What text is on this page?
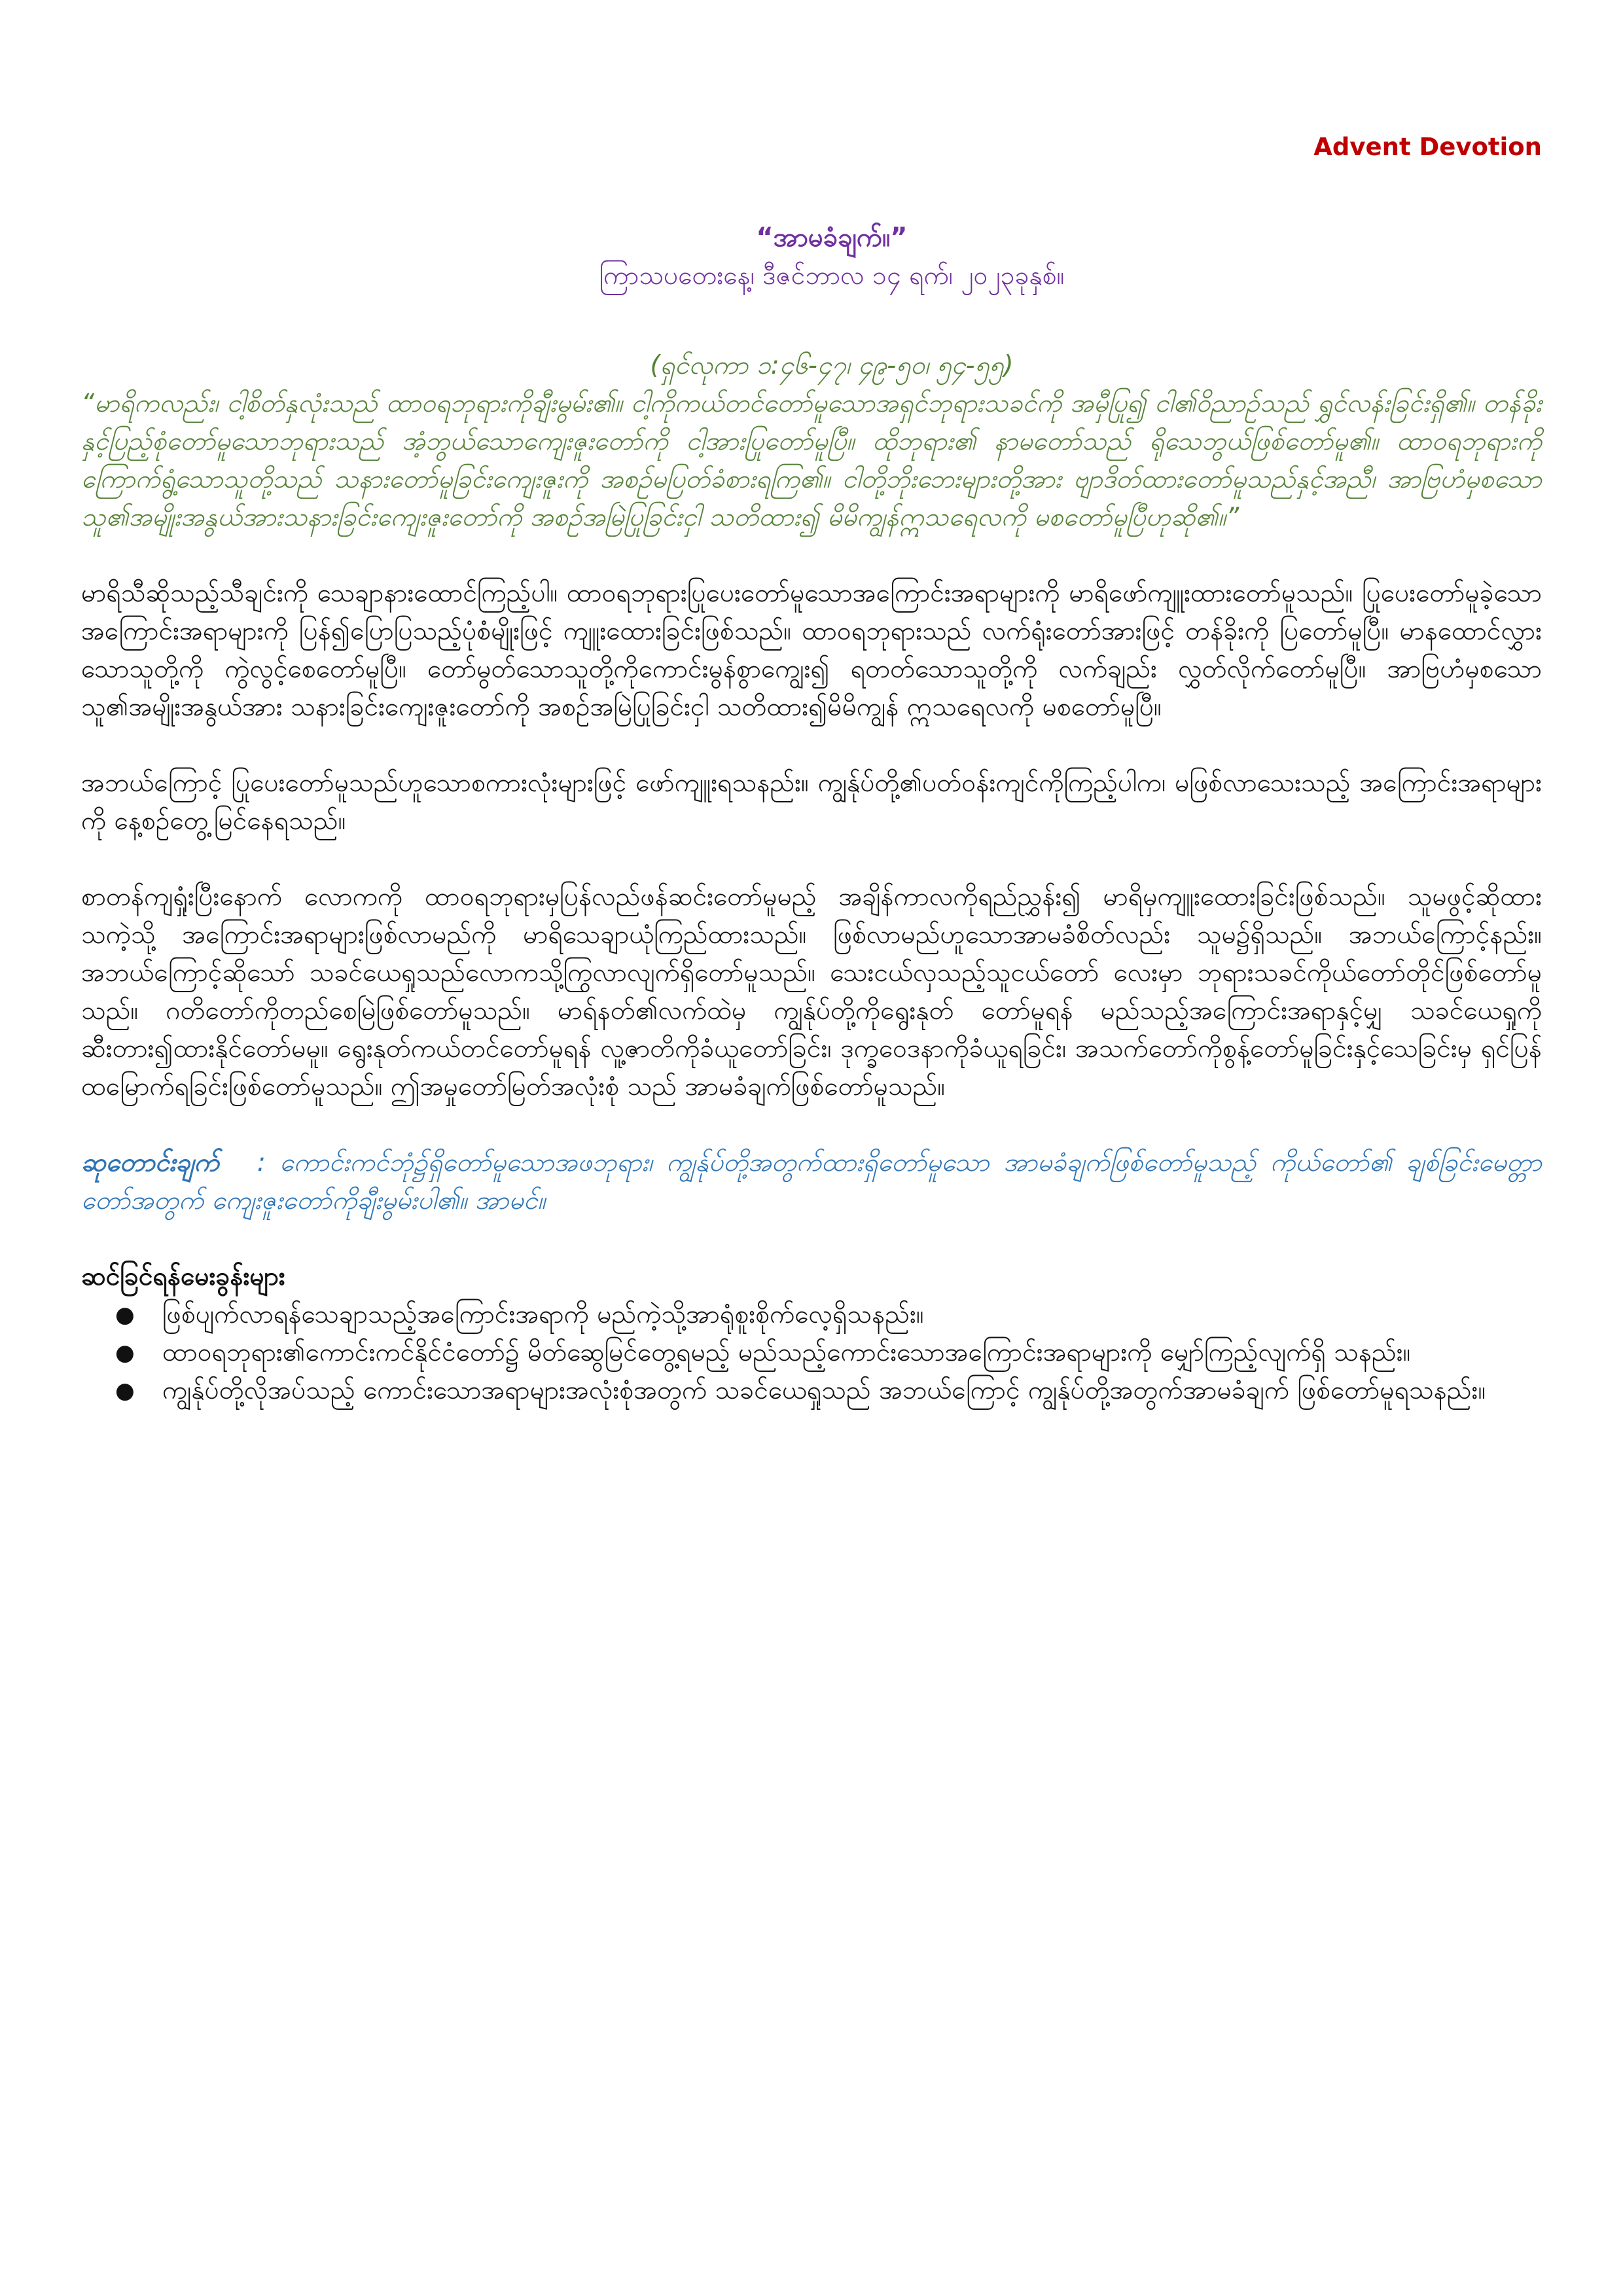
Advent Devotion
“အာမခံချက်။”
ကြာသပတေးနေ့၊ ဒီဇင်ဘာလ ၁၄ ရက်၊ ၂၀၂၃ခုနှစ်။

(ရှင်လုကာ ၁:၄၆-၄၇၊ ၄၉-၅၀၊ ၅၄-၅၅)

“မာရိကလည်း၊ ငါ့စိတ်နှလုံးသည် ထာဝရဘုရားကိုချီးမွမ်း၏။ ငါ့ကိုကယ်တင်တော်မူသောအရှင်ဘုရားသခင်ကို အမှီပြု၍ ငါ၏ဝိညာဉ်သည် ရွှင်လန်းခြင်းရှိ၏။ တန်ခိုးနှင့်ပြည့်စုံတော်မူသောဘုရားသည် အံ့ဘွယ်သောကျေးဇူးတော်ကို ငါ့အားပြုတော်မူပြီ။ ထိုဘုရား၏ နာမတော်သည် ရိုသေဘွယ်ဖြစ်တော်မူ၏။ ထာဝရဘုရားကိုကြောက်ရွံ့သောသူတို့သည် သနားတော်မူခြင်းကျေးဇူးကို အစဉ်မပြတ်ခံစားရကြ၏။ ငါတို့ဘိုးဘေးများတို့အား ဗျာဒိတ်ထားတော်မူသည်နှင့်အညီ၊ အာဗြဟံမှစသော သူ၏အမျိုးအနွယ်အားသနားခြင်းကျေးဇူးတော်ကို အစဉ်အမြဲပြုခြင်းငှါ သတိထား၍ မိမိကျွန်ဣသရေလကို မစတော်မူပြီဟုဆို၏။”

မာရိသီဆိုသည့်သီချင်းကို သေချာနားထောင်ကြည့်ပါ။ ထာဝရဘုရားပြုပေးတော်မူသောအကြောင်းအရာများကို မာရိဖော်ကျူးထားတော်မူသည်။ ပြုပေးတော်မူခဲ့သောအကြောင်းအရာများကို ပြန်၍ပြောပြသည့်ပုံစံမျိုးဖြင့် ကျူးထေားခြင်းဖြစ်သည်။ ထာဝရဘုရားသည် လက်ရုံးတော်အားဖြင့် တန်ခိုးကို ပြတော်မူပြီ။ မာနထောင်လွှားသောသူတို့ကို ကွဲလွင့်စေတော်မူပြီ။ တော်မွတ်သောသူတို့ကိုကောင်းမွန်စွာကျွေး၍ ရတတ်သောသူတို့ကို လက်ချည်း လွှတ်လိုက်တော်မူပြီ။ အာဗြဟံမှစသောသူ၏အမျိုးအနွယ်အား သနားခြင်းကျေးဇူးတော်ကို အစဉ်အမြဲပြုခြင်းငှါ သတိထား၍မိမိကျွန် ဣသရေလကို မစတော်မူပြီ။

အဘယ်ကြောင့် ပြုပေးတော်မူသည်ဟူသောစကားလုံးများဖြင့် ဖော်ကျူးရသနည်း။ ကျွန်ုပ်တို့၏ပတ်ဝန်းကျင်ကိုကြည့်ပါက၊ မဖြစ်လာသေးသည့် အကြောင်းအရာများကို နေ့စဉ်တွေ့မြင်နေရသည်။

စာတန်ကျရှုံးပြီးနောက် လောကကို ထာဝရဘုရားမှပြန်လည်ဖန်ဆင်းတော်မူမည့် အချိန်ကာလကိုရည်ညွှန်း၍ မာရိမှကျူးထေားခြင်းဖြစ်သည်။ သူမဖွင့်ဆိုထားသကဲ့သို့ အကြောင်းအရာများဖြစ်လာမည်ကို မာရိသေချာယုံကြည်ထားသည်။ ဖြစ်လာမည်ဟူသောအာမခံစိတ်လည်း သူမ၌ရှိသည်။ အဘယ်ကြောင့်နည်း။ အဘယ်ကြောင့်ဆိုသော် သခင်ယေရှုသည်လောကသို့ကြွလာလျက်ရှိတော်မူသည်။ သေးငယ်လှသည့်သူငယ်တော် လေးမှာ ဘုရားသခင်ကိုယ်တော်တိုင်ဖြစ်တော်မူသည်။ ဂတိတော်ကိုတည်စေမြဲဖြစ်တော်မူသည်။ မာရ်နတ်၏လက်ထဲမှ ကျွန်ုပ်တို့ကိုရွေးနုတ် တော်မူရန် မည်သည့်အကြောင်းအရာနှင့်မျှ သခင်ယေရှုကိုဆီးတား၍ထားနိုင်တော်မမူ။ ရွေးနုတ်ကယ်တင်တော်မူရန် လူ့ဇာတိကိုခံယူတော်ခြင်း၊ ဒုက္ခဝေဒနာကိုခံယူရခြင်း၊ အသက်တော်ကိုစွန့်တော်မူခြင်းနှင့်သေခြင်းမှ ရှင်ပြန်ထမြောက်ရခြင်းဖြစ်တော်မူသည်။ ဤအမှုတော်မြတ်အလုံးစုံ သည် အာမခံချက်ဖြစ်တော်မူသည်။

ဆုတောင်းချက် : ကောင်းကင်ဘုံ၌ရှိတော်မူသောအဖဘုရား၊ ကျွန်ုပ်တို့အတွက်ထားရှိတော်မူသော အာမခံချက်ဖြစ်တော်မူသည့် ကိုယ်တော်၏ ချစ်ခြင်းမေတ္တာတော်အတွက် ကျေးဇူးတော်ကိုချီးမွမ်းပါ၏။ အာမင်။

ဆင်ခြင်ရန်မေးခွန်းများ

● ဖြစ်ပျက်လာရန်သေချာသည့်အကြောင်းအရာကို မည်ကဲ့သို့အာရုံစူးစိုက်လေ့ရှိသနည်း။
● ထာဝရဘုရား၏ကောင်းကင်နိုင်ငံတော်၌ မိတ်ဆွေမြင်တွေ့ရမည့် မည်သည့်ကောင်းသောအကြောင်းအရာများကို မျှော်ကြည့်လျက်ရှိ သနည်း။
● ကျွန်ုပ်တို့လိုအပ်သည့် ကောင်းသောအရာများအလုံးစုံအတွက် သခင်ယေရှုသည် အဘယ်ကြောင့် ကျွန်ုပ်တို့အတွက်အာမခံချက် ဖြစ်တော်မူရသနည်း။
